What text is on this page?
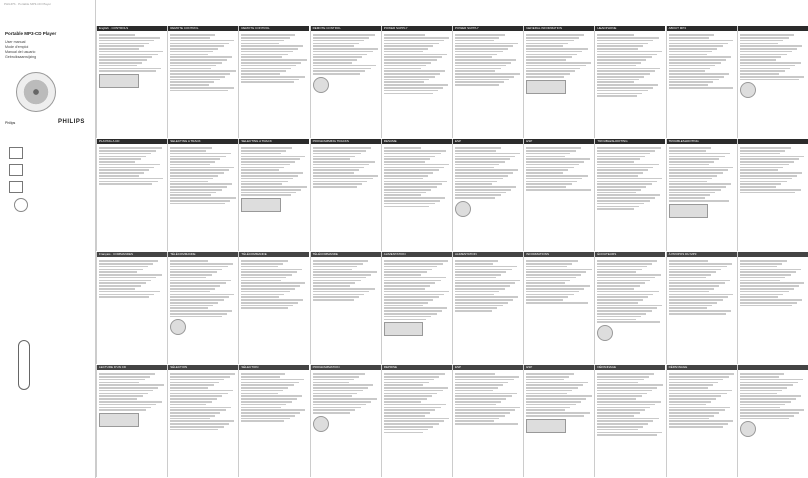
PHILIPS · Portable MP3-CD Player
Portable MP3-CD Player
User manual
Mode d'emploi
Manual del usuario
Gebruiksaanwijzing
Philips	PHILIPS
English · CONTROLS	REMOTE CONTROL	REMOTE CONTROL	REMOTE CONTROL	POWER SUPPLY	POWER SUPPLY	GENERAL INFORMATION	HEADPHONE	ABOUT MP3
PLAYING A CD	SELECTING A TRACK	SELECTING A TRACK	PROGRAMMING TRACKS	RESUME	ESP	ESP	TROUBLESHOOTING	TROUBLESHOOTING
Français · COMMANDES	TÉLÉCOMMANDE	TÉLÉCOMMANDE	TÉLÉCOMMANDE	ALIMENTATION	ALIMENTATION	INFORMATIONS	ÉCOUTEURS	À PROPOS DU MP3
LECTURE D'UN CD	SÉLECTION	SÉLECTION	PROGRAMMATION	REPRISE	ESP	ESP	DÉPANNAGE	DÉPANNAGE
